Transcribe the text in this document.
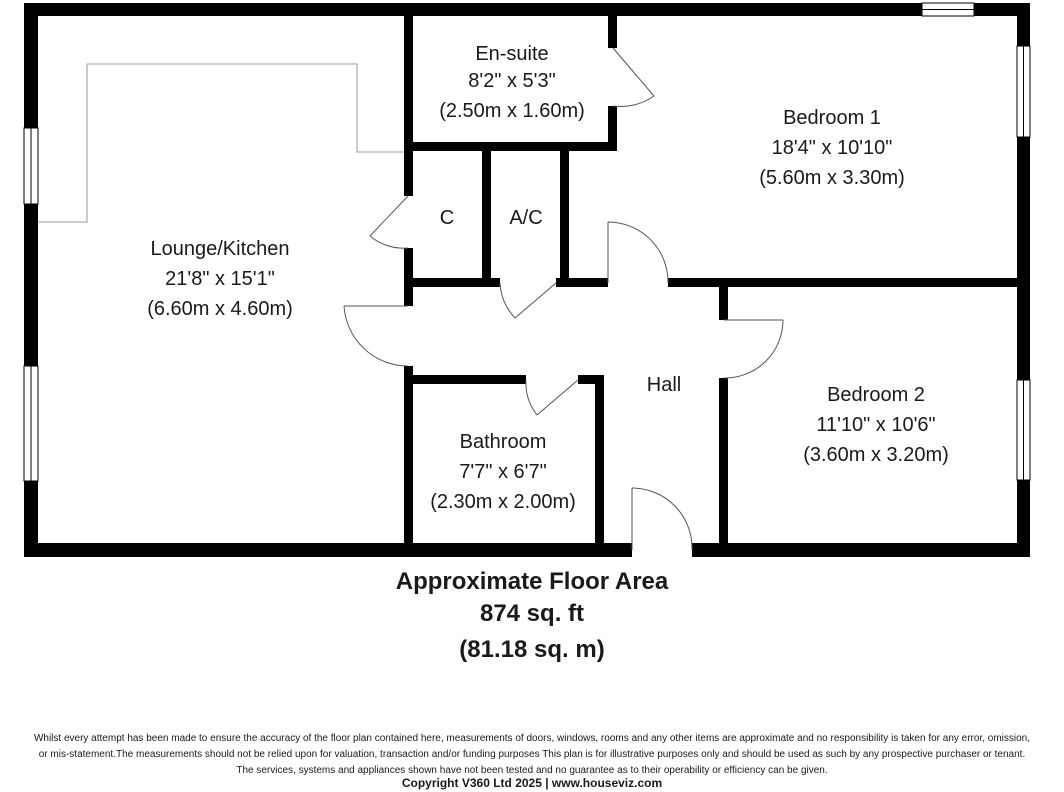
En-suite
8'2" x 5'3"
(2.50m x 1.60m)	Bedroom 1
18'4" x 10'10"
(5.60m x 3.30m)
Lounge/Kitchen
21'8" x 15'1"
(6.60m x 4.60m)
C	A/C
Hall	Bedroom 2
11'10" x 10'6"
(3.60m x 3.20m)
Bathroom
7'7" x 6'7"
(2.30m x 2.00m)
Approximate Floor Area
874 sq. ft
(81.18 sq. m)
Whilst every attempt has been made to ensure the accuracy of the floor plan contained here, measurements of doors, windows, rooms and any other items are approximate and no responsibility is taken for any error, omission,
or mis-statement.The measurements should not be relied upon for valuation, transaction and/or funding purposes This plan is for illustrative purposes only and should be used as such by any prospective purchaser or tenant.
The services, systems and appliances shown have not been tested and no guarantee as to their operability or efficiency can be given.
Copyright V360 Ltd 2025 | www.houseviz.com
